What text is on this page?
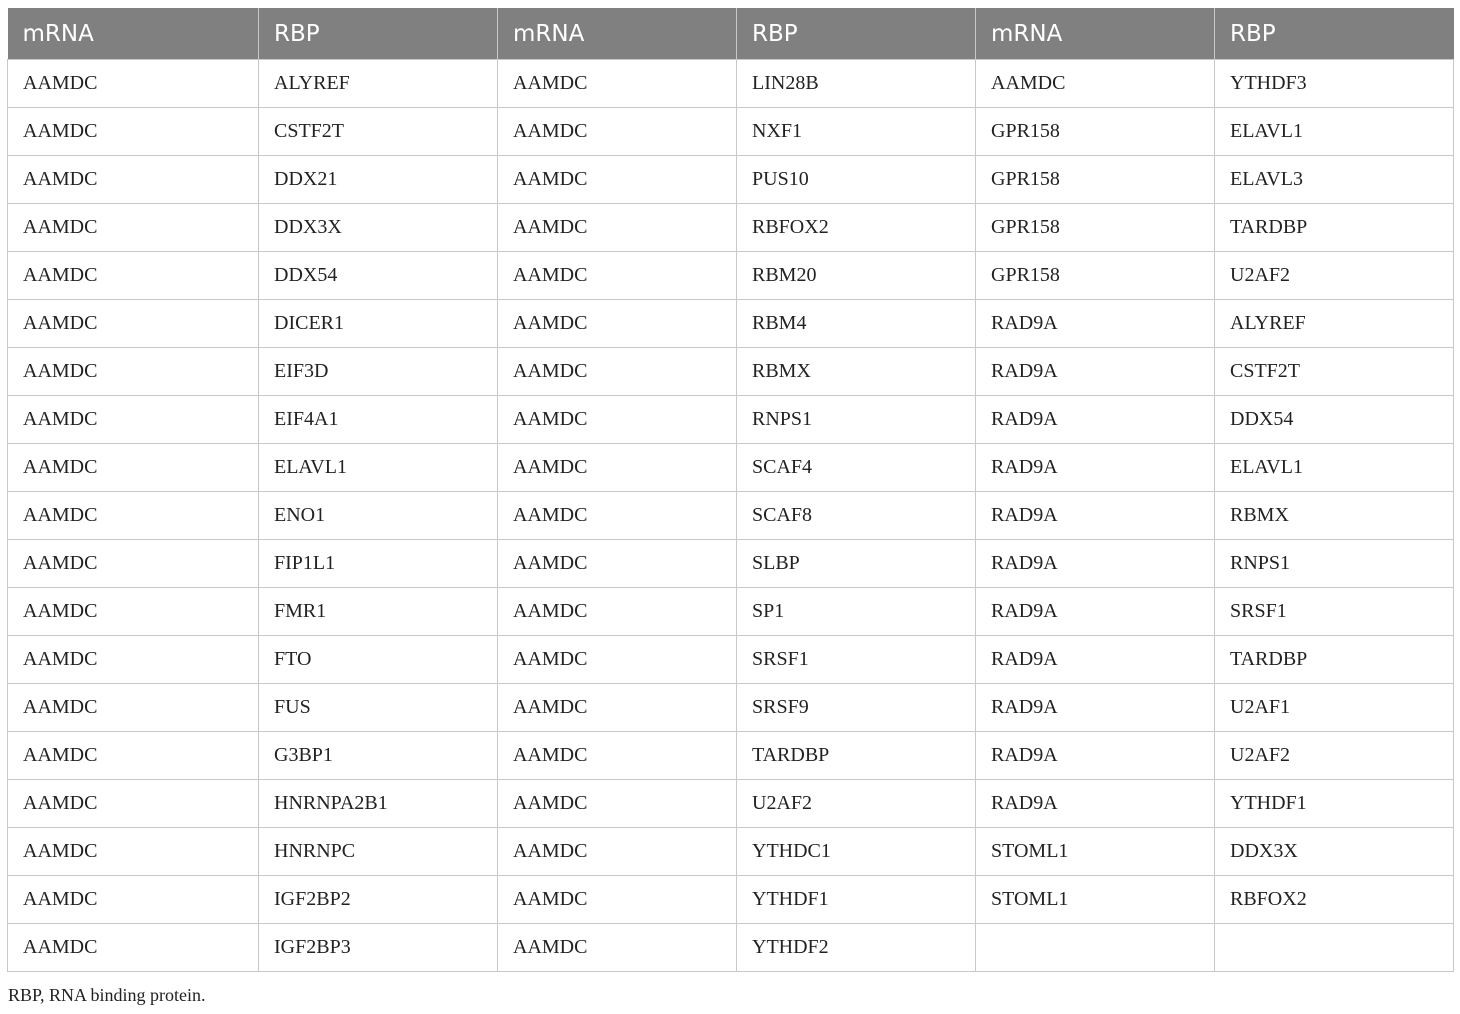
mRNA	RBP	mRNA	RBP	mRNA	RBP
AAMDC	ALYREF	AAMDC	LIN28B	AAMDC	YTHDF3
AAMDC	CSTF2T	AAMDC	NXF1	GPR158	ELAVL1
AAMDC	DDX21	AAMDC	PUS10	GPR158	ELAVL3
AAMDC	DDX3X	AAMDC	RBFOX2	GPR158	TARDBP
AAMDC	DDX54	AAMDC	RBM20	GPR158	U2AF2
AAMDC	DICER1	AAMDC	RBM4	RAD9A	ALYREF
AAMDC	EIF3D	AAMDC	RBMX	RAD9A	CSTF2T
AAMDC	EIF4A1	AAMDC	RNPS1	RAD9A	DDX54
AAMDC	ELAVL1	AAMDC	SCAF4	RAD9A	ELAVL1
AAMDC	ENO1	AAMDC	SCAF8	RAD9A	RBMX
AAMDC	FIP1L1	AAMDC	SLBP	RAD9A	RNPS1
AAMDC	FMR1	AAMDC	SP1	RAD9A	SRSF1
AAMDC	FTO	AAMDC	SRSF1	RAD9A	TARDBP
AAMDC	FUS	AAMDC	SRSF9	RAD9A	U2AF1
AAMDC	G3BP1	AAMDC	TARDBP	RAD9A	U2AF2
AAMDC	HNRNPA2B1	AAMDC	U2AF2	RAD9A	YTHDF1
AAMDC	HNRNPC	AAMDC	YTHDC1	STOML1	DDX3X
AAMDC	IGF2BP2	AAMDC	YTHDF1	STOML1	RBFOX2
AAMDC	IGF2BP3	AAMDC	YTHDF2		
RBP, RNA binding protein.
